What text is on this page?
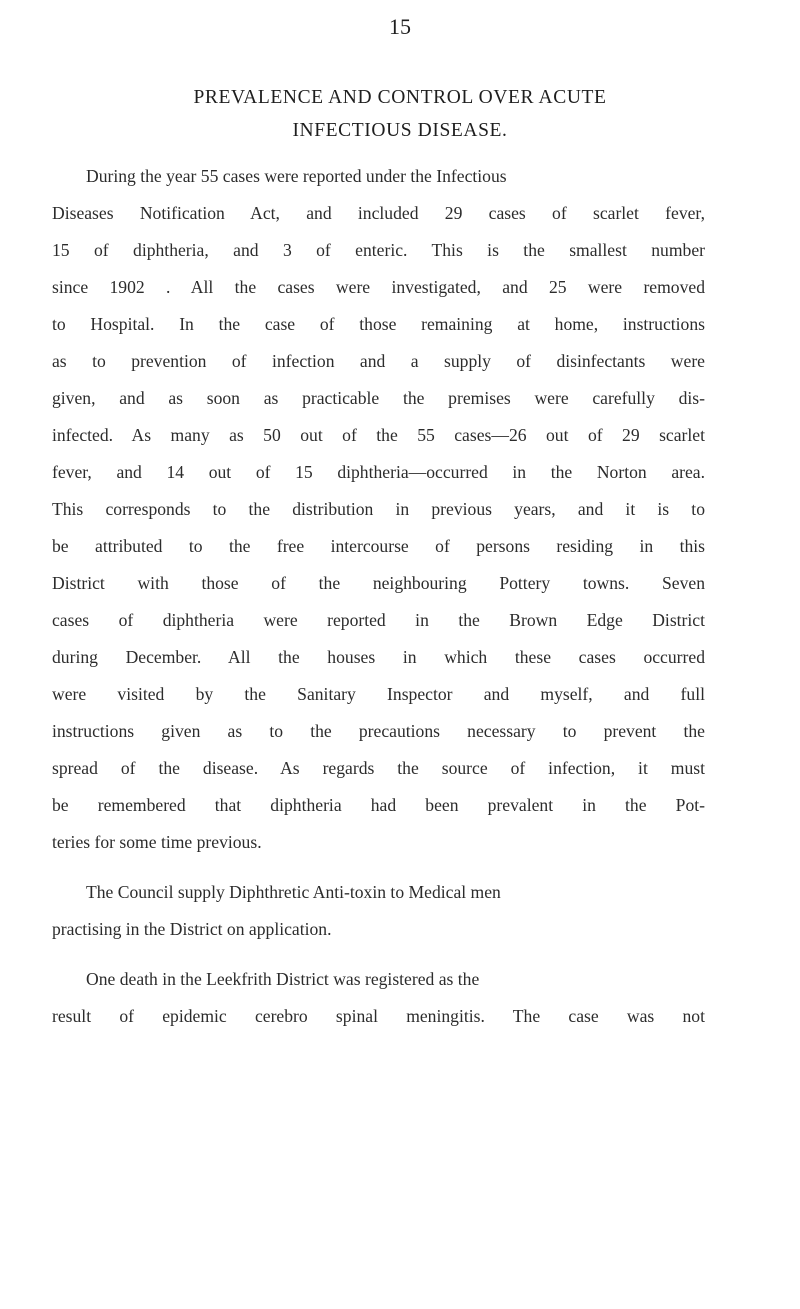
15
PREVALENCE AND CONTROL OVER ACUTE
INFECTIOUS DISEASE.
During the year 55 cases were reported under the Infectious
Diseases Notification Act, and included 29 cases of scarlet fever,
15 of diphtheria, and 3 of enteric. This is the smallest number
since 1902 . All the cases were investigated, and 25 were removed
to Hospital. In the case of those remaining at home, instructions
as to prevention of infection and a supply of disinfectants were
given, and as soon as practicable the premises were carefully dis-
infected. As many as 50 out of the 55 cases—26 out of 29 scarlet
fever, and 14 out of 15 diphtheria—occurred in the Norton area.
This corresponds to the distribution in previous years, and it is to
be attributed to the free intercourse of persons residing in this
District with those of the neighbouring Pottery towns. Seven
cases of diphtheria were reported in the Brown Edge District
during December. All the houses in which these cases occurred
were visited by the Sanitary Inspector and myself, and full
instructions given as to the precautions necessary to prevent the
spread of the disease. As regards the source of infection, it must
be remembered that diphtheria had been prevalent in the Pot-
teries for some time previous.
The Council supply Diphthretic Anti-toxin to Medical men
practising in the District on application.
One death in the Leekfrith District was registered as the
result of epidemic cerebro spinal meningitis. The case was not
